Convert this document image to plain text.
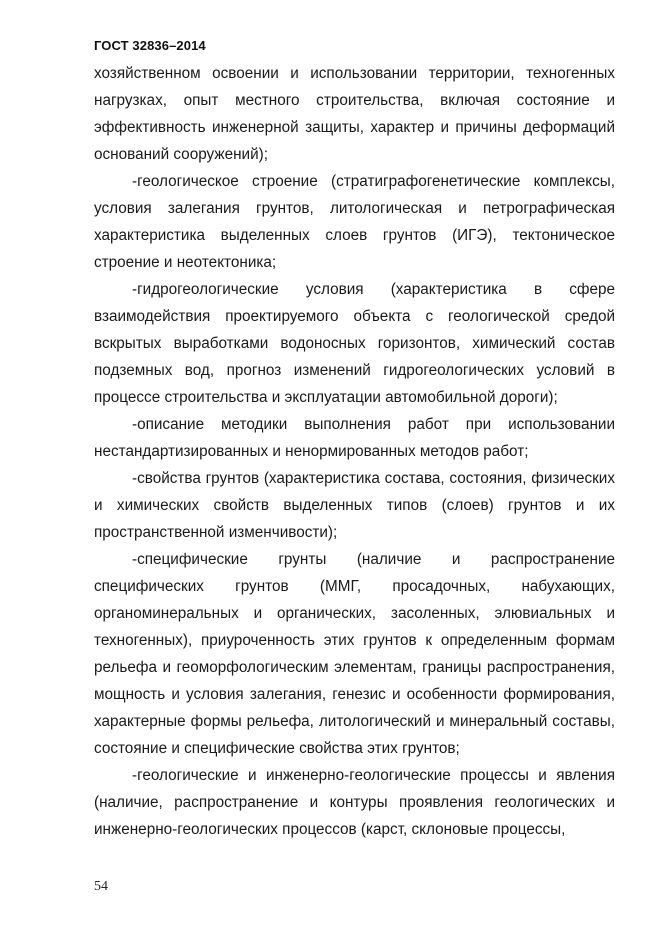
ГОСТ 32836–2014

хозяйственном освоении и использовании территории, техногенных нагрузках, опыт местного строительства, включая состояние и эффективность инженерной защиты, характер и причины деформаций оснований сооружений);

-геологическое строение (стратиграфогенетические комплексы, условия залегания грунтов, литологическая и петрографическая характеристика выделенных слоев грунтов (ИГЭ), тектоническое строение и неотектоника;

-гидрогеологические условия (характеристика в сфере взаимодействия проектируемого объекта с геологической средой вскрытых выработками водоносных горизонтов, химический состав подземных вод, прогноз изменений гидрогеологических условий в процессе строительства и эксплуатации автомобильной дороги);

-описание методики выполнения работ при использовании нестандартизированных и ненормированных методов работ;

-свойства грунтов (характеристика состава, состояния, физических и химических свойств выделенных типов (слоев) грунтов и их пространственной изменчивости);

-специфические грунты (наличие и распространение специфических грунтов (ММГ, просадочных, набухающих, органоминеральных и органических, засоленных, элювиальных и техногенных), приуроченность этих грунтов к определенным формам рельефа и геоморфологическим элементам, границы распространения, мощность и условия залегания, генезис и особенности формирования, характерные формы рельефа, литологический и минеральный составы, состояние и специфические свойства этих грунтов;

-геологические и инженерно-геологические процессы и явления (наличие, распространение и контуры проявления геологических и инженерно-геологических процессов (карст, склоновые процессы,

54
